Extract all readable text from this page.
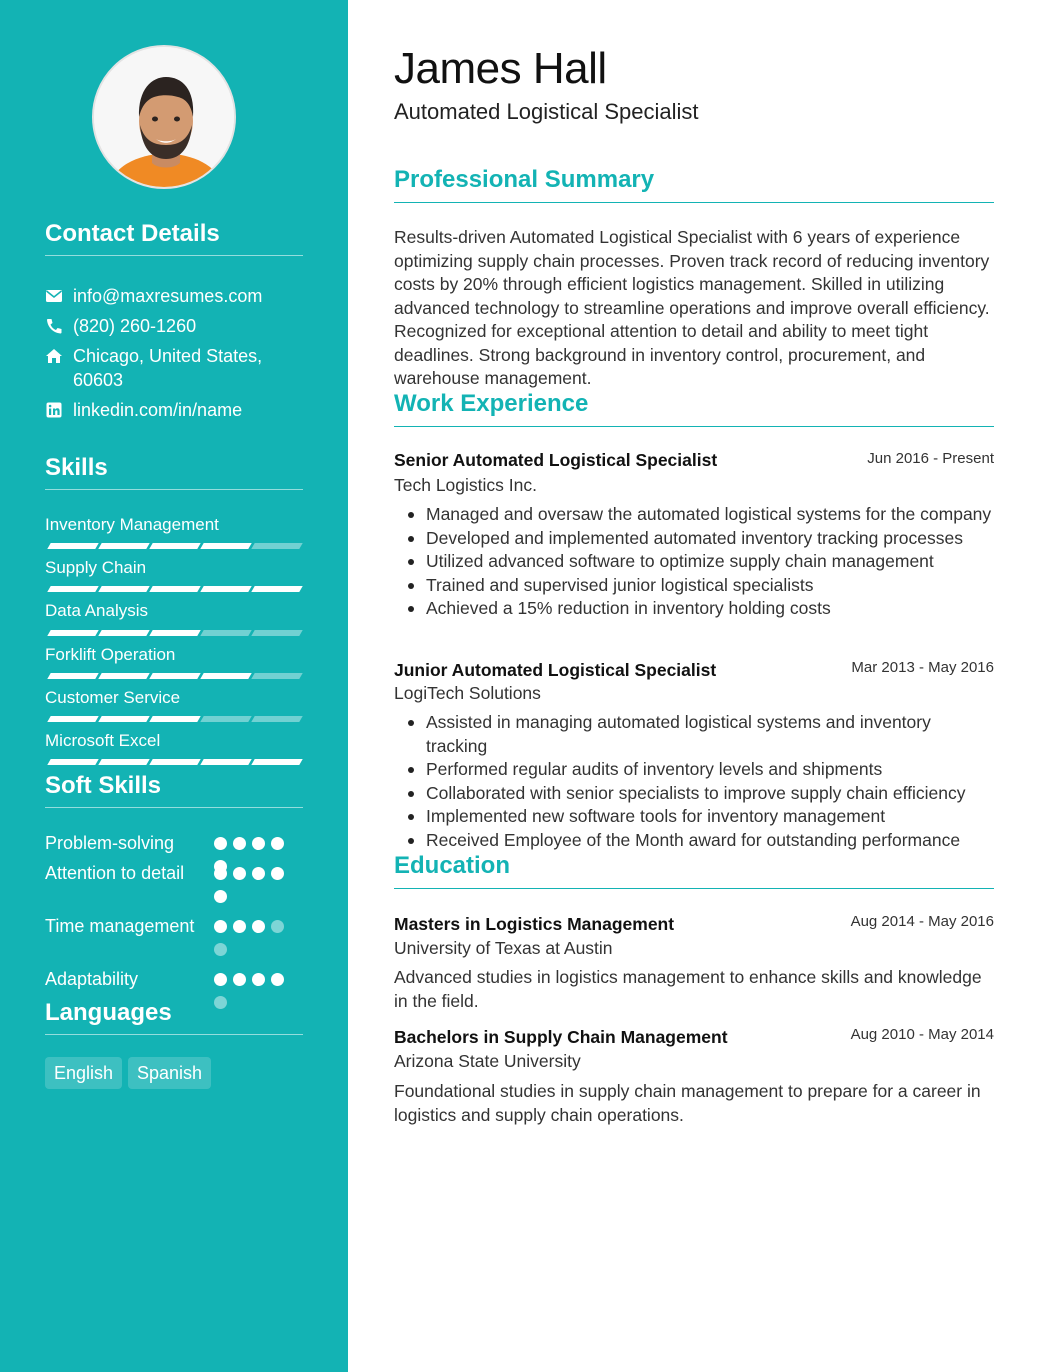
Contact Details
info@maxresumes.com
(820) 260-1260
Chicago, United States, 60603
linkedin.com/in/name
Skills
Inventory Management
Supply Chain
Data Analysis
Forklift Operation
Customer Service
Microsoft Excel
Soft Skills
Problem-solving
Attention to detail
Time management
Adaptability
Languages
English	Spanish
James Hall
Automated Logistical Specialist
Professional Summary
Results-driven Automated Logistical Specialist with 6 years of experience optimizing supply chain processes. Proven track record of reducing inventory costs by 20% through efficient logistics management. Skilled in utilizing advanced technology to streamline operations and improve overall efficiency. Recognized for exceptional attention to detail and ability to meet tight deadlines. Strong background in inventory control, procurement, and warehouse management.
Work Experience
Senior Automated Logistical Specialist	Jun 2016 - Present
Tech Logistics Inc.
Managed and oversaw the automated logistical systems for the company
Developed and implemented automated inventory tracking processes
Utilized advanced software to optimize supply chain management
Trained and supervised junior logistical specialists
Achieved a 15% reduction in inventory holding costs
Junior Automated Logistical Specialist	Mar 2013 - May 2016
LogiTech Solutions
Assisted in managing automated logistical systems and inventory tracking
Performed regular audits of inventory levels and shipments
Collaborated with senior specialists to improve supply chain efficiency
Implemented new software tools for inventory management
Received Employee of the Month award for outstanding performance
Education
Masters in Logistics Management	Aug 2014 - May 2016
University of Texas at Austin
Advanced studies in logistics management to enhance skills and knowledge in the field.
Bachelors in Supply Chain Management	Aug 2010 - May 2014
Arizona State University
Foundational studies in supply chain management to prepare for a career in logistics and supply chain operations.
